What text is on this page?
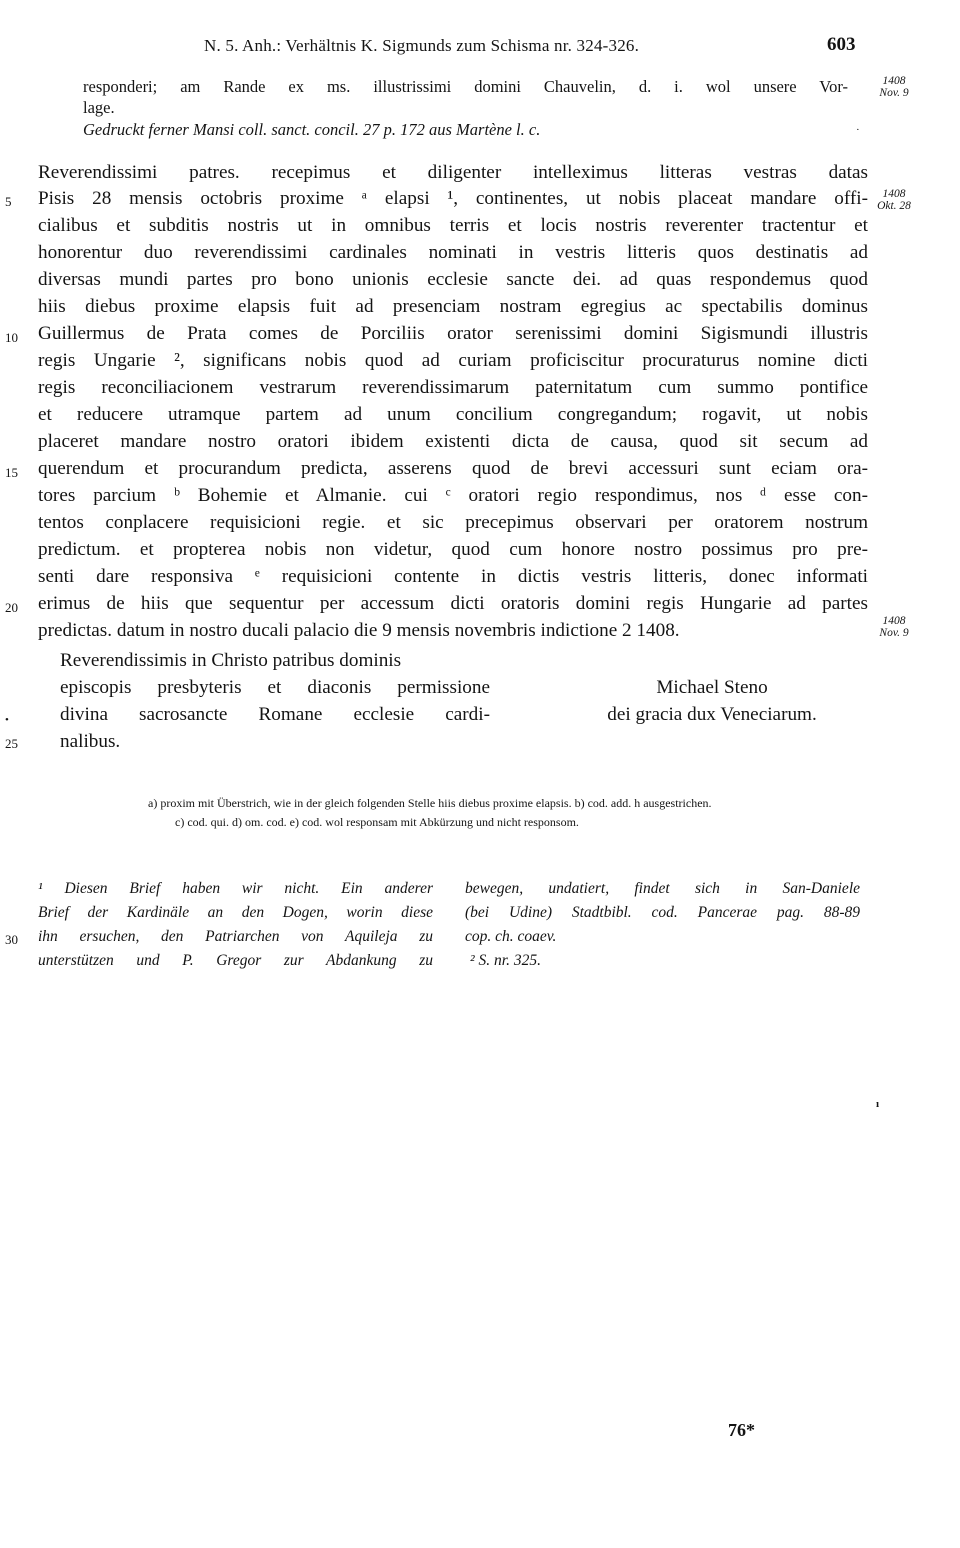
N. 5. Anh.: Verhältnis K. Sigmunds zum Schisma nr. 324-326.	603
responderi; am Rande ex ms. illustrissimi domini Chauvelin, d. i. wol unsere Vor-
lage.
Gedruckt ferner Mansi coll. sanct. concil. 27 p. 172 aus Martène l. c.
1408 Nov. 9
1408 Okt. 28
1408 Nov. 9
Reverendissimi patres. recepimus et diligenter intelleximus litteras vestras datas
Pisis 28 mensis octobris proxime ᵃ elapsi ¹, continentes, ut nobis placeat mandare offi-
cialibus et subditis nostris ut in omnibus terris et locis nostris reverenter tractentur et
honorentur duo reverendissimi cardinales nominati in vestris litteris quos destinatis ad
diversas mundi partes pro bono unionis ecclesie sancte dei. ad quas respondemus quod
hiis diebus proxime elapsis fuit ad presenciam nostram egregius ac spectabilis dominus
Guillermus de Prata comes de Porciliis orator serenissimi domini Sigismundi illustris
regis Ungarie ², significans nobis quod ad curiam proficiscitur procuraturus nomine dicti
regis reconciliacionem vestrarum reverendissimarum paternitatum cum summo pontifice
et reducere utramque partem ad unum concilium congregandum; rogavit, ut nobis
placeret mandare nostro oratori ibidem existenti dicta de causa, quod sit secum ad
querendum et procurandum predicta, asserens quod de brevi accessuri sunt eciam ora-
tores parcium ᵇ Bohemie et Almanie. cui ᶜ oratori regio respondimus, nos ᵈ esse con-
tentos conplacere requisicioni regie. et sic precepimus observari per oratorem nostrum
predictum. et propterea nobis non videtur, quod cum honore nostro possimus pro pre-
senti dare responsiva ᵉ requisicioni contente in dictis vestris litteris, donec informati
erimus de hiis que sequentur per accessum dicti oratoris domini regis Hungarie ad partes
predictas. datum in nostro ducali palacio die 9 mensis novembris indictione 2 1408.
5
10
15
20
25
30
Reverendissimis in Christo patribus dominis
episcopis presbyteris et diaconis permissione
divina sacrosancte Romane ecclesie cardi-
nalibus.
Michael Steno
dei gracia dux Veneciarum.
a) proxim mit Überstrich, wie in der gleich folgenden Stelle hiis diebus proxime elapsis. b) cod. add. h ausgestrichen.
c) cod. qui. d) om. cod. e) cod. wol responsam mit Abkürzung und nicht responsom.
¹ Diesen Brief haben wir nicht. Ein anderer
Brief der Kardinäle an den Dogen, worin diese
ihn ersuchen, den Patriarchen von Aquileja zu
unterstützen und P. Gregor zur Abdankung zu
bewegen, undatiert, findet sich in San-Daniele
(bei Udine) Stadtbibl. cod. Pancerae pag. 88-89
cop. ch. coaev.
² S. nr. 325.
76*
·
•
ı
